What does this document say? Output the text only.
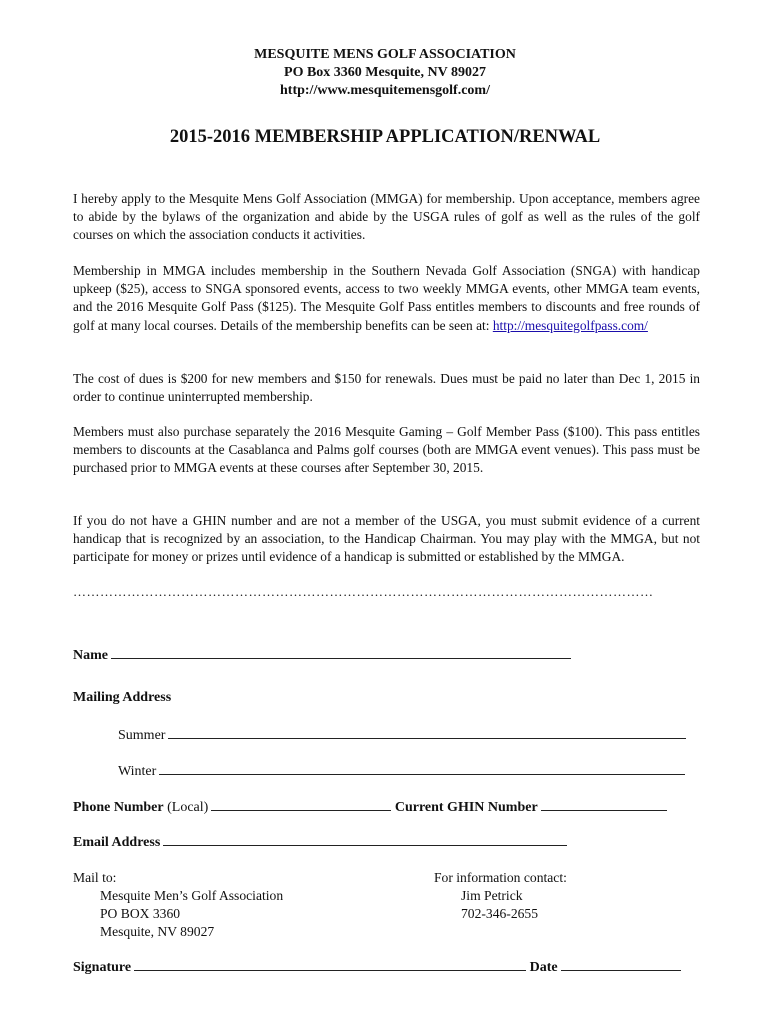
MESQUITE MENS GOLF ASSOCIATION
PO Box 3360 Mesquite, NV 89027
http://www.mesquitemensgolf.com/
2015-2016 MEMBERSHIP APPLICATION/RENWAL

I hereby apply to the Mesquite Mens Golf Association (MMGA) for membership. Upon acceptance, members agree to abide by the bylaws of the organization and abide by the USGA rules of golf as well as the rules of the golf courses on which the association conducts it activities.

Membership in MMGA includes membership in the Southern Nevada Golf Association (SNGA) with handicap upkeep ($25), access to SNGA sponsored events, access to two weekly MMGA events, other MMGA team events, and the 2016 Mesquite Golf Pass ($125). The Mesquite Golf Pass entitles members to discounts and free rounds of golf at many local courses. Details of the membership benefits can be seen at: http://mesquitegolfpass.com/

The cost of dues is $200 for new members and $150 for renewals. Dues must be paid no later than Dec 1, 2015 in order to continue uninterrupted membership.

Members must also purchase separately the 2016 Mesquite Gaming – Golf Member Pass ($100). This pass entitles members to discounts at the Casablanca and Palms golf courses (both are MMGA event venues). This pass must be purchased prior to MMGA events at these courses after September 30, 2015.

If you do not have a GHIN number and are not a member of the USGA, you must submit evidence of a current handicap that is recognized by an association, to the Handicap Chairman. You may play with the MMGA, but not participate for money or prizes until evidence of a handicap is submitted or established by the MMGA.

…………………………………………………………………………………………………………………
Name
Mailing Address
Summer
Winter
Phone Number (Local)	Current GHIN Number
Email Address
Mail to:
Mesquite Men’s Golf Association
PO BOX 3360
Mesquite, NV 89027
For information contact:
Jim Petrick
702-346-2655
Signature	Date
